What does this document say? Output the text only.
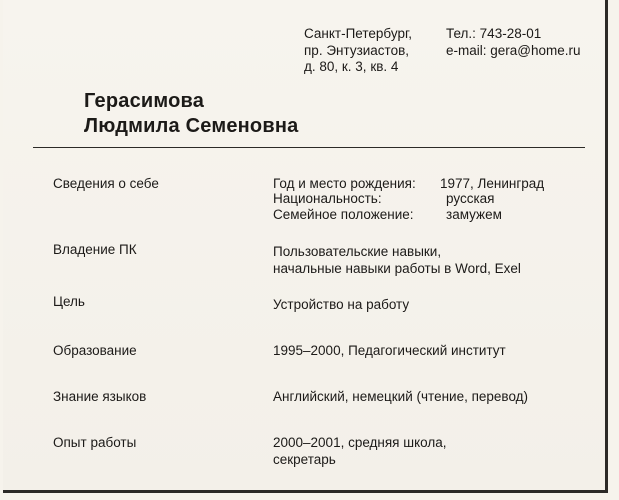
Санкт-Петербург,
пр. Энтузиастов,
д. 80, к. 3, кв. 4
Тел.: 743-28-01
e-mail: gera@home.ru
Герасимова
Людмила Семеновна
Сведения о себе	Год и место рождения: 1977, Ленинград
Национальность:	русская
Семейное положение: замужем
Владение ПК	Пользовательские навыки,
начальные навыки работы в Word, Exel
Цель	Устройство на работу
Образование	1995–2000, Педагогический институт
Знание языков	Английский, немецкий (чтение, перевод)
Опыт работы	2000–2001, средняя школа,
секретарь
